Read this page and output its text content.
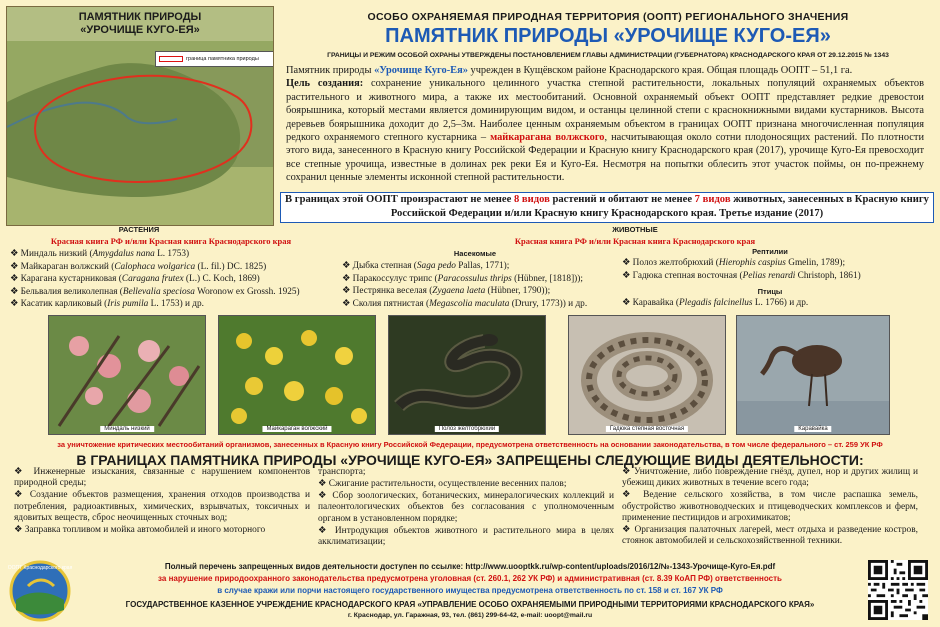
ПАМЯТНИК ПРИРОДЫ
«УРОЧИЩЕ КУГО-ЕЯ»
граница памятника природы
ОСОБО ОХРАНЯЕМАЯ ПРИРОДНАЯ ТЕРРИТОРИЯ (ООПТ) РЕГИОНАЛЬНОГО ЗНАЧЕНИЯ
ПАМЯТНИК ПРИРОДЫ «УРОЧИЩЕ КУГО-ЕЯ»
ГРАНИЦЫ И РЕЖИМ ОСОБОЙ ОХРАНЫ УТВЕРЖДЕНЫ ПОСТАНОВЛЕНИЕМ ГЛАВЫ АДМИНИСТРАЦИИ (ГУБЕРНАТОРА) КРАСНОДАРСКОГО КРАЯ ОТ 29.12.2015 № 1343
Памятник природы «Урочище Куго-Ея» учрежден в Кущёвском районе Краснодарского края. Общая площадь ООПТ – 51,1 га.
Цель создания: сохранение уникального целинного участка степной растительности, локальных популяций охраняемых объектов растительного и животного мира, а также их местообитаний. Основной охраняемый объект ООПТ представляет редкие древостои боярышника, который местами является доминирующим видом, и останцы целинной степи с краснокнижными видами кустарников. Высота деревьев боярышника доходит до 2,5–3м. Наиболее ценным охраняемым объектом в границах ООПТ признана многочисленная популяция редкого охраняемого степного кустарника – майкарагана волжского, насчитывающая около сотни плодоносящих растений. По плотности этого вида, занесенного в Красную книгу Российской Федерации и Красную книгу Краснодарского края (2017), урочище Куго-Ея превосходит все степные урочища, известные в долинах рек реки Ея и Куго-Ея. Несмотря на попытки облесить этот участок поймы, он по-прежнему сохранил ценные элементы исконной степной растительности.
В границах этой ООПТ произрастают не менее 8 видов растений и обитают не менее 7 видов животных, занесенных в Красную книгу Российской Федерации и/или Красную книгу Краснодарского края. Третье издание (2017)
РАСТЕНИЯ
Красная книга РФ и/или Красная книга Краснодарского края
❖ Миндаль низкий (Amygdalus nana L. 1753)
❖ Майкараган волжский (Calophaca wolgarica (L. fil.) DC. 1825)
❖ Карагана кустарниковая (Caragana frutex (L.) C. Koch, 1869)
❖ Бельвалия великолепная (Bellevalia speciosa Woronow ex Grossh. 1925)
❖ Касатик карликовый (Iris pumila L. 1753) и др.
ЖИВОТНЫЕ
Красная книга РФ и/или Красная книга Краснодарского края
Насекомые
❖ Дыбка степная (Saga pedo Pallas, 1771);
❖ Паракоссулус трипс (Paracossulus thrips (Hübner, [1818]));
❖ Пестрянка веселая (Zygaena laeta (Hübner, 1790));
❖ Сколия пятнистая (Megascolia maculata (Drury, 1773)) и др.
Рептилии
❖ Полоз желтобрюхий (Hierophis caspius Gmelin, 1789);
❖ Гадюка степная восточная (Pelias renardi Christoph, 1861)
Птицы
❖ Каравайка (Plegadis falcinellus L. 1766) и др.
Миндаль низкий	Майкараган волжский	Полоз желтобрюхий	Гадюка степная восточная	Каравайка
за уничтожение критических местообитаний организмов, занесенных в Красную книгу Российской Федерации, предусмотрена ответственность на основании законодательства, в том числе федерального – ст. 259 УК РФ
В ГРАНИЦАХ ПАМЯТНИКА ПРИРОДЫ «УРОЧИЩЕ КУГО-ЕЯ» ЗАПРЕЩЕНЫ СЛЕДУЮЩИЕ ВИДЫ ДЕЯТЕЛЬНОСТИ:
❖ Инженерные изыскания, связанные с нарушением компонентов природной среды;
❖ Создание объектов размещения, хранения отходов производства и потребления, радиоактивных, химических, взрывчатых, токсичных и ядовитых веществ, сброс неочищенных сточных вод;
❖ Заправка топливом и мойка автомобилей и иного моторного
транспорта;
❖ Сжигание растительности, осуществление весенних палов;
❖ Сбор зоологических, ботанических, минералогических коллекций и палеонтологических объектов без согласования с уполномоченным органом в установленном порядке;
❖ Интродукция объектов животного и растительного мира в целях акклиматизации;
❖ Уничтожение, либо повреждение гнёзд, дупел, нор и других жилищ и убежищ диких животных в течение всего года;
❖ Ведение сельского хозяйства, в том числе распашка земель, обустройство животноводческих и птицеводческих комплексов и ферм, применение пестицидов и агрохимикатов;
❖ Организация палаточных лагерей, мест отдыха и разведение костров, стоянок автомобилей и сельскохозяйственной техники.
ООПТ Краснодарского края	Полный перечень запрещенных видов деятельности доступен по ссылке: http://www.uooptkk.ru/wp-content/uploads/2016/12/№-1343-Урочище-Куго-Ея.pdf
за нарушение природоохранного законодательства предусмотрена уголовная (ст. 260.1, 262 УК РФ) и административная (ст. 8.39 КоАП РФ) ответственность
в случае кражи или порчи настоящего государственного имущества предусмотрена ответственность по ст. 158 и ст. 167 УК РФ
ГОСУДАРСТВЕННОЕ КАЗЕННОЕ УЧРЕЖДЕНИЕ КРАСНОДАРСКОГО КРАЯ «УПРАВЛЕНИЕ ОСОБО ОХРАНЯЕМЫМИ ПРИРОДНЫМИ ТЕРРИТОРИЯМИ КРАСНОДАРСКОГО КРАЯ»
г. Краснодар, ул. Гаражная, 93, тел. (861) 299-64-42, e-mail: uoopt@mail.ru
